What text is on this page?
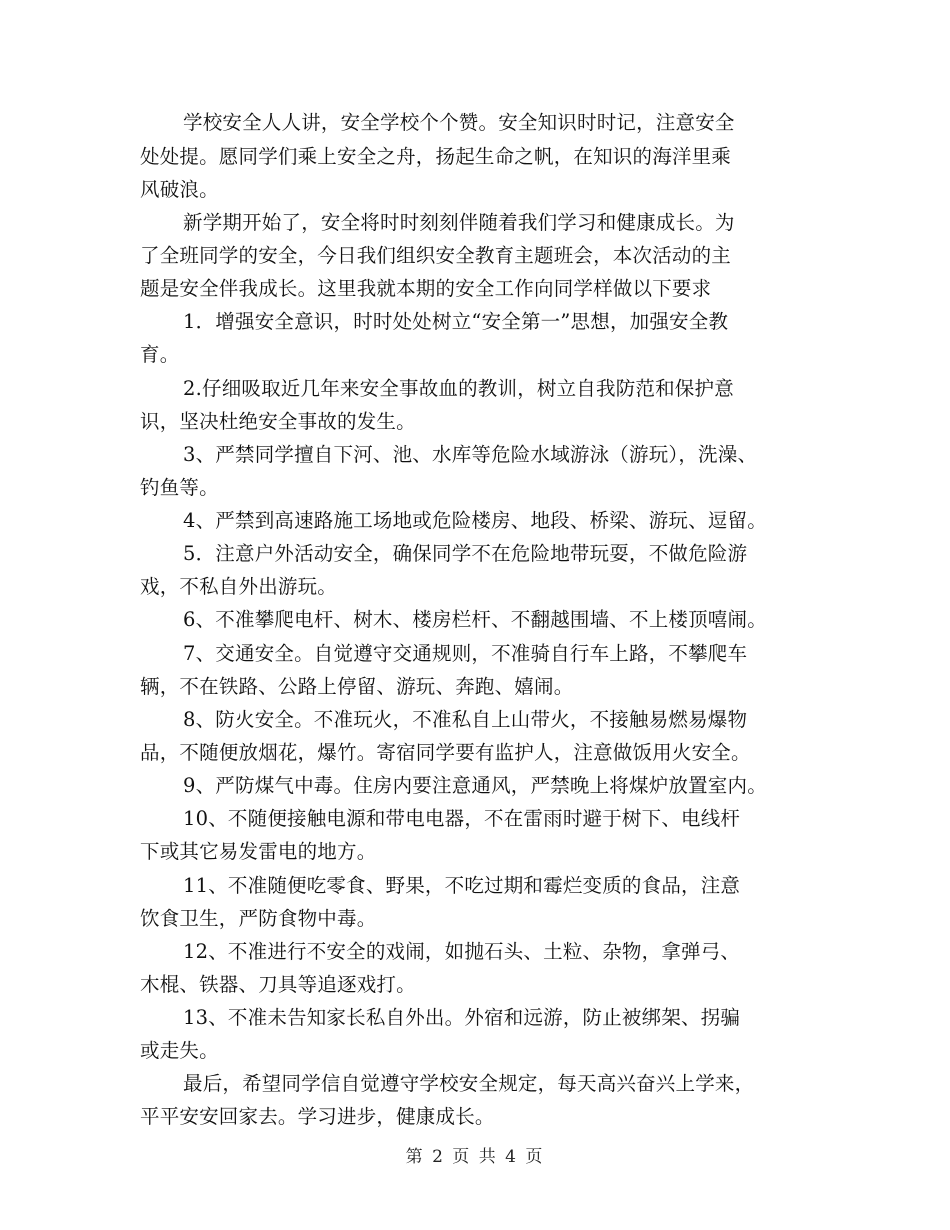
学校安全人人讲，安全学校个个赞。安全知识时时记，注意安全
处处提。愿同学们乘上安全之舟，扬起生命之帆，在知识的海洋里乘
风破浪。
新学期开始了，安全将时时刻刻伴随着我们学习和健康成长。为
了全班同学的安全，今日我们组织安全教育主题班会，本次活动的主
题是安全伴我成长。这里我就本期的安全工作向同学样做以下要求
1．增强安全意识，时时处处树立“安全第一”思想，加强安全教
育。
2.仔细吸取近几年来安全事故血的教训，树立自我防范和保护意
识，坚决杜绝安全事故的发生。
3、严禁同学擅自下河、池、水库等危险水域游泳（游玩），洗澡、
钓鱼等。
4、严禁到高速路施工场地或危险楼房、地段、桥梁、游玩、逗留。
5．注意户外活动安全，确保同学不在危险地带玩耍，不做危险游
戏，不私自外出游玩。
6、不准攀爬电杆、树木、楼房栏杆、不翻越围墙、不上楼顶嘻闹。
7、交通安全。自觉遵守交通规则，不准骑自行车上路，不攀爬车
辆，不在铁路、公路上停留、游玩、奔跑、嬉闹。
8、防火安全。不准玩火，不准私自上山带火，不接触易燃易爆物
品，不随便放烟花，爆竹。寄宿同学要有监护人，注意做饭用火安全。
9、严防煤气中毒。住房内要注意通风，严禁晚上将煤炉放置室内。
10、不随便接触电源和带电电器，不在雷雨时避于树下、电线杆
下或其它易发雷电的地方。
11、不准随便吃零食、野果，不吃过期和霉烂变质的食品，注意
饮食卫生，严防食物中毒。
12、不准进行不安全的戏闹，如抛石头、土粒、杂物，拿弹弓、
木棍、铁器、刀具等追逐戏打。
13、不准未告知家长私自外出。外宿和远游，防止被绑架、拐骗
或走失。
最后，希望同学信自觉遵守学校安全规定，每天高兴奋兴上学来，
平平安安回家去。学习进步，健康成长。
第 2 页 共 4 页
